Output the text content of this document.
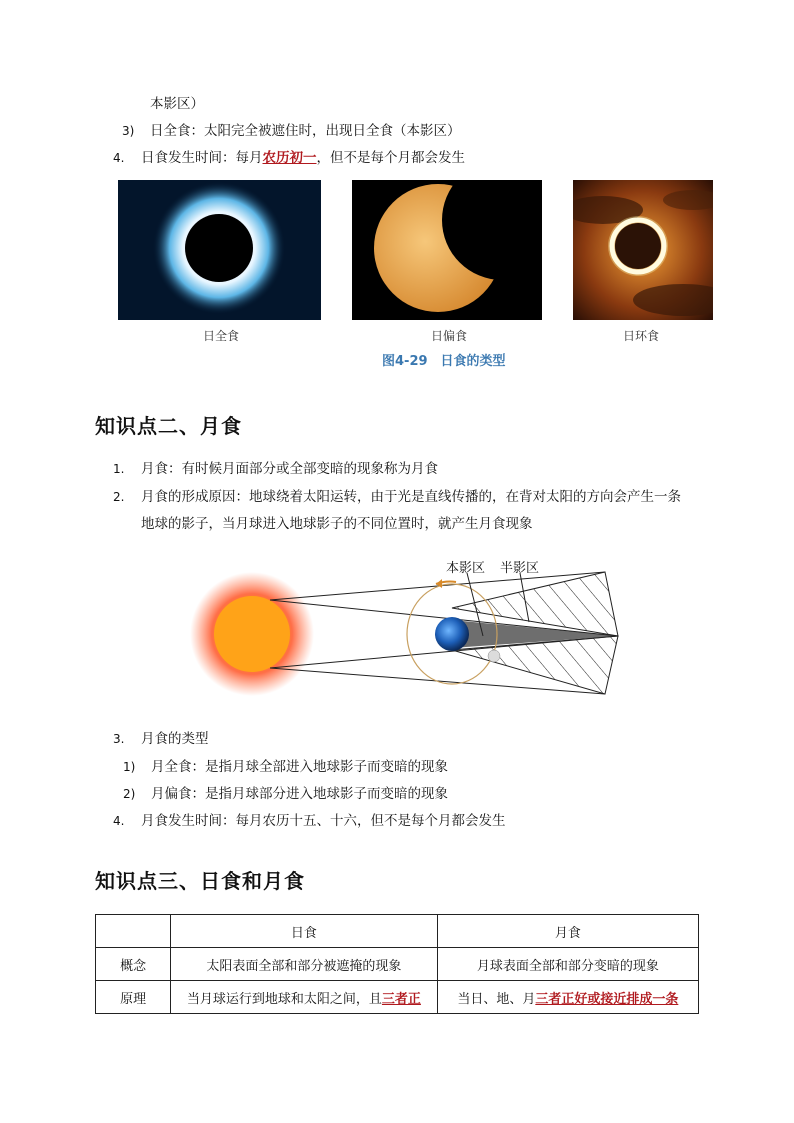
本影区）
3) 日全食：太阳完全被遮住时，出现日全食（本影区）
4. 日食发生时间：每月农历初一，但不是每个月都会发生
日全食	日偏食	日环食
图4-29　日食的类型
知识点二、月食
1. 月食：有时候月面部分或全部变暗的现象称为月食
2. 月食的形成原因：地球绕着太阳运转，由于光是直线传播的，在背对太阳的方向会产生一条
地球的影子，当月球进入地球影子的不同位置时，就产生月食现象
本影区 半影区
3. 月食的类型
1) 月全食：是指月球全部进入地球影子而变暗的现象
2) 月偏食：是指月球部分进入地球影子而变暗的现象
4. 月食发生时间：每月农历十五、十六，但不是每个月都会发生
知识点三、日食和月食
	日食	月食
概念	太阳表面全部和部分被遮掩的现象	月球表面全部和部分变暗的现象
原理	当月球运行到地球和太阳之间，且三者正	当日、地、月三者正好或接近排成一条
